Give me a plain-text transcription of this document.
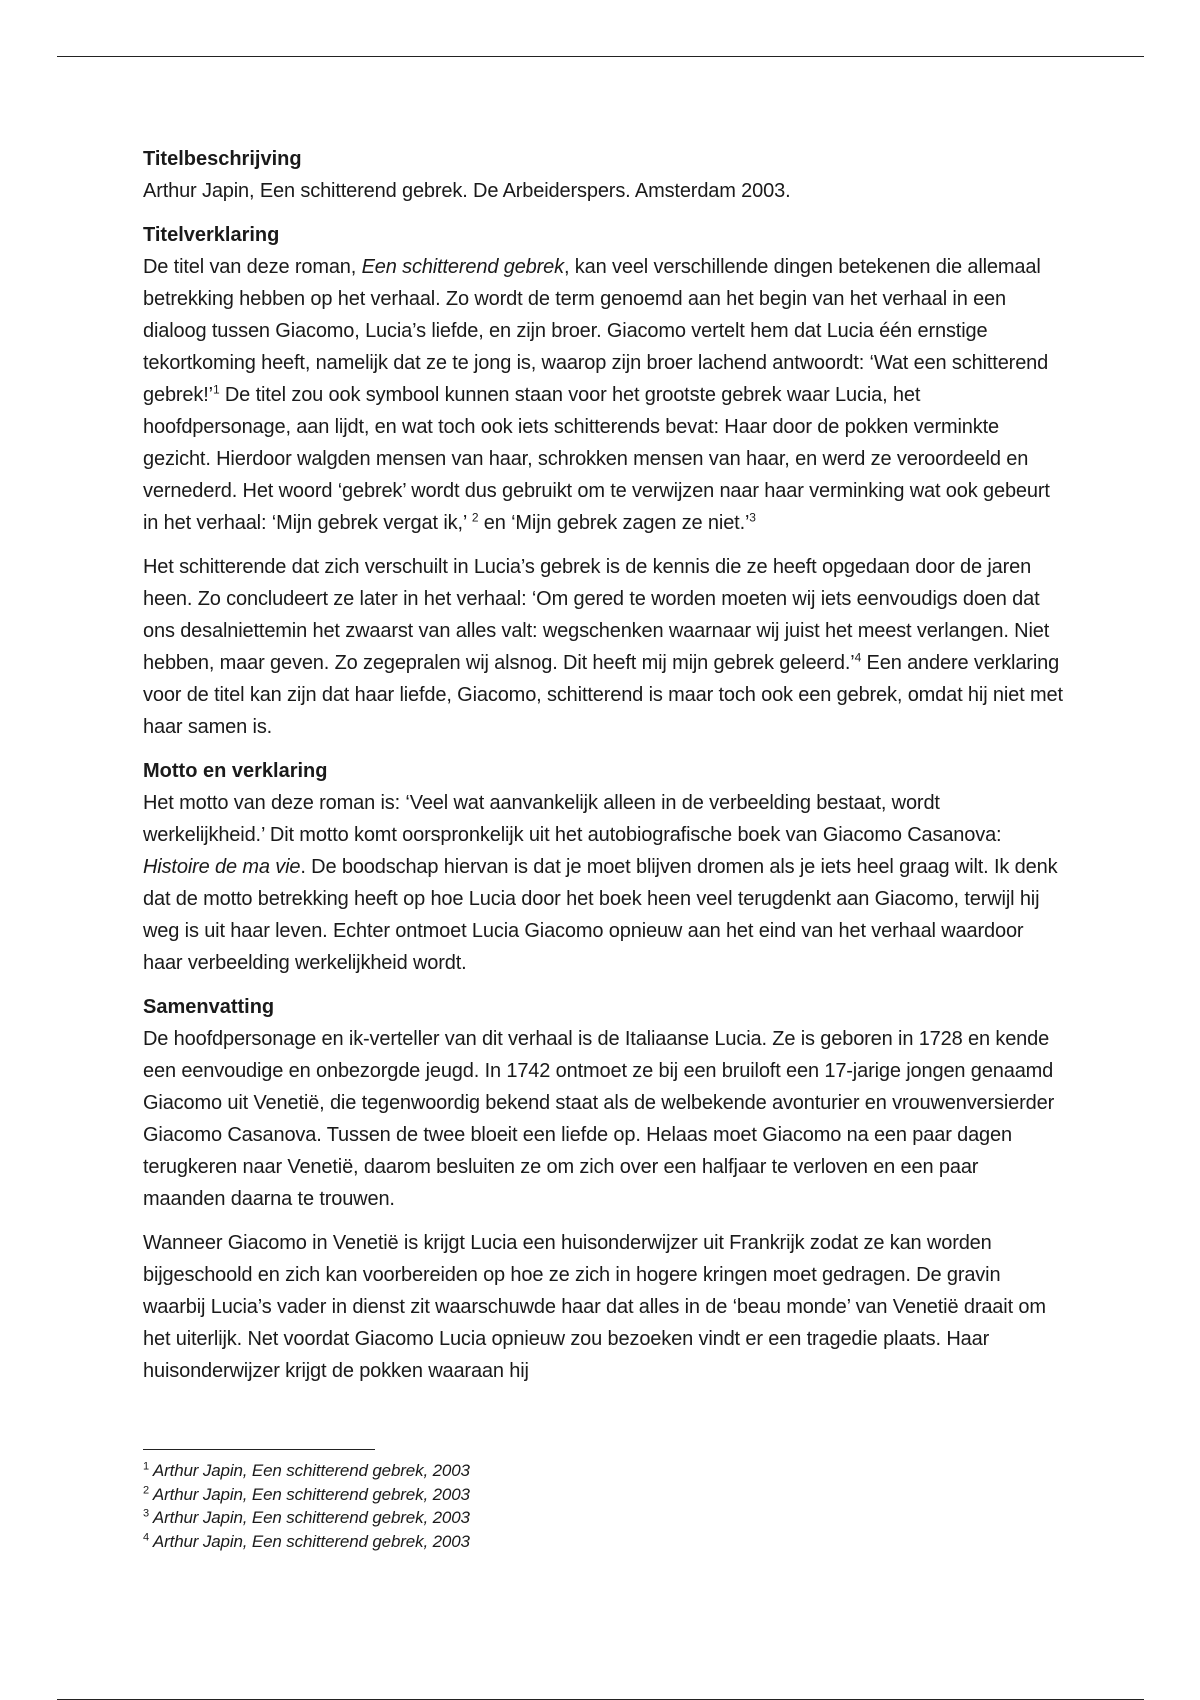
Titelbeschrijving

Arthur Japin, Een schitterend gebrek. De Arbeiderspers. Amsterdam 2003.

Titelverklaring

De titel van deze roman, Een schitterend gebrek, kan veel verschillende dingen betekenen die allemaal betrekking hebben op het verhaal. Zo wordt de term genoemd aan het begin van het verhaal in een dialoog tussen Giacomo, Lucia’s liefde, en zijn broer. Giacomo vertelt hem dat Lucia één ernstige tekortkoming heeft, namelijk dat ze te jong is, waarop zijn broer lachend antwoordt: ‘Wat een schitterend gebrek!’$^1$ De titel zou ook symbool kunnen staan voor het grootste gebrek waar Lucia, het hoofdpersonage, aan lijdt, en wat toch ook iets schitterends bevat: Haar door de pokken verminkte gezicht. Hierdoor walgden mensen van haar, schrokken mensen van haar, en werd ze veroordeeld en vernederd. Het woord ‘gebrek’ wordt dus gebruikt om te verwijzen naar haar verminking wat ook gebeurt in het verhaal: ‘Mijn gebrek vergat ik,’ $^2$ en ‘Mijn gebrek zagen ze niet.’$^3$

Het schitterende dat zich verschuilt in Lucia’s gebrek is de kennis die ze heeft opgedaan door de jaren heen. Zo concludeert ze later in het verhaal: ‘Om gered te worden moeten wij iets eenvoudigs doen dat ons desalniettemin het zwaarst van alles valt: wegschenken waarnaar wij juist het meest verlangen. Niet hebben, maar geven. Zo zegepralen wij alsnog. Dit heeft mij mijn gebrek geleerd.’$^4$ Een andere verklaring voor de titel kan zijn dat haar liefde, Giacomo, schitterend is maar toch ook een gebrek, omdat hij niet met haar samen is.

Motto en verklaring

Het motto van deze roman is: ‘Veel wat aanvankelijk alleen in de verbeelding bestaat, wordt werkelijkheid.’ Dit motto komt oorspronkelijk uit het autobiografische boek van Giacomo Casanova: Histoire de ma vie. De boodschap hiervan is dat je moet blijven dromen als je iets heel graag wilt. Ik denk dat de motto betrekking heeft op hoe Lucia door het boek heen veel terugdenkt aan Giacomo, terwijl hij weg is uit haar leven. Echter ontmoet Lucia Giacomo opnieuw aan het eind van het verhaal waardoor haar verbeelding werkelijkheid wordt.

Samenvatting

De hoofdpersonage en ik-verteller van dit verhaal is de Italiaanse Lucia. Ze is geboren in 1728 en kende een eenvoudige en onbezorgde jeugd. In 1742 ontmoet ze bij een bruiloft een 17-jarige jongen genaamd Giacomo uit Venetië, die tegenwoordig bekend staat als de welbekende avonturier en vrouwenversierder Giacomo Casanova. Tussen de twee bloeit een liefde op. Helaas moet Giacomo na een paar dagen terugkeren naar Venetië, daarom besluiten ze om zich over een halfjaar te verloven en een paar maanden daarna te trouwen.

Wanneer Giacomo in Venetië is krijgt Lucia een huisonderwijzer uit Frankrijk zodat ze kan worden bijgeschoold en zich kan voorbereiden op hoe ze zich in hogere kringen moet gedragen. De gravin waarbij Lucia’s vader in dienst zit waarschuwde haar dat alles in de ‘beau monde’ van Venetië draait om het uiterlijk. Net voordat Giacomo Lucia opnieuw zou bezoeken vindt er een tragedie plaats. Haar huisonderwijzer krijgt de pokken waaraan hij

$^1$ Arthur Japin, Een schitterend gebrek, 2003

$^2$ Arthur Japin, Een schitterend gebrek, 2003

$^3$ Arthur Japin, Een schitterend gebrek, 2003

$^4$ Arthur Japin, Een schitterend gebrek, 2003
